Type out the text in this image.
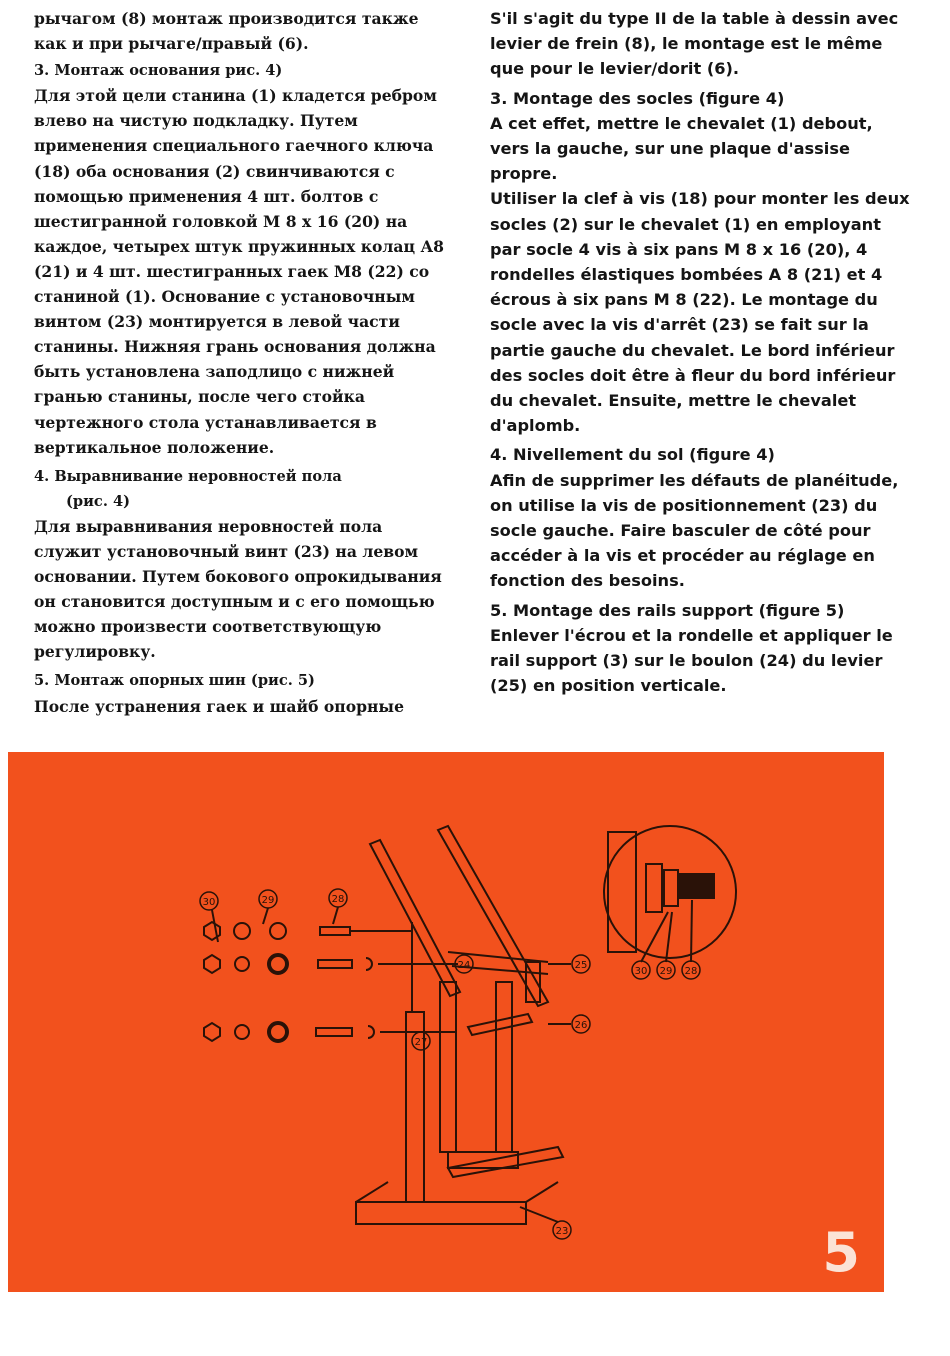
рычагом (8) монтаж производится также как и при рычаге/правый (6).

3. Монтаж основания рис. 4)

Для этой цели станина (1) кладется ребром влево на чистую подкладку. Путем применения специального гаечного ключа (18) оба основания (2) свинчиваются с помощью применения 4 шт. болтов с шестигранной головкой М 8 х 16 (20) на каждое, четырех штук пружинных колац А8 (21) и 4 шт. шестигранных гаек М8 (22) со станиной (1). Основание с установочным винтом (23) монтируется в левой части станины. Нижняя грань основания должна быть установлена заподлицо с нижней гранью станины, после чего стойка чертежного стола устанавливается в вертикальное положение.

4. Выравнивание неровностей пола
(рис. 4)

Для выравнивания неровностей пола служит установочный винт (23) на левом основании. Путем бокового опрокидывания он становится доступным и с его помощью можно произвести соответствующую регулировку.

5. Монтаж опорных шин (рис. 5)

После устранения гаек и шайб опорные

S'il s'agit du type II de la table à dessin avec levier de frein (8), le montage est le même que pour le levier/dorit (6).

3. Montage des socles (figure 4)

A cet effet, mettre le chevalet (1) debout, vers la gauche, sur une plaque d'assise propre.

Utiliser la clef à vis (18) pour monter les deux socles (2) sur le chevalet (1) en employant par socle 4 vis à six pans M 8 x 16 (20), 4 rondelles élastiques bombées A 8 (21) et 4 écrous à six pans M 8 (22). Le montage du socle avec la vis d'arrêt (23) se fait sur la partie gauche du chevalet. Le bord inférieur des socles doit être à fleur du bord inférieur du chevalet. Ensuite, mettre le chevalet d'aplomb.

4. Nivellement du sol (figure 4)

Afin de supprimer les défauts de planéitude, on utilise la vis de positionnement (23) du socle gauche. Faire basculer de côté pour accéder à la vis et procéder au réglage en fonction des besoins.

5. Montage des rails support (figure 5)

Enlever l'écrou et la rondelle et appliquer le rail support (3) sur le boulon (24) du levier (25) en position verticale.

30	29	28
24	25
26
27
23
30 29 28
5
